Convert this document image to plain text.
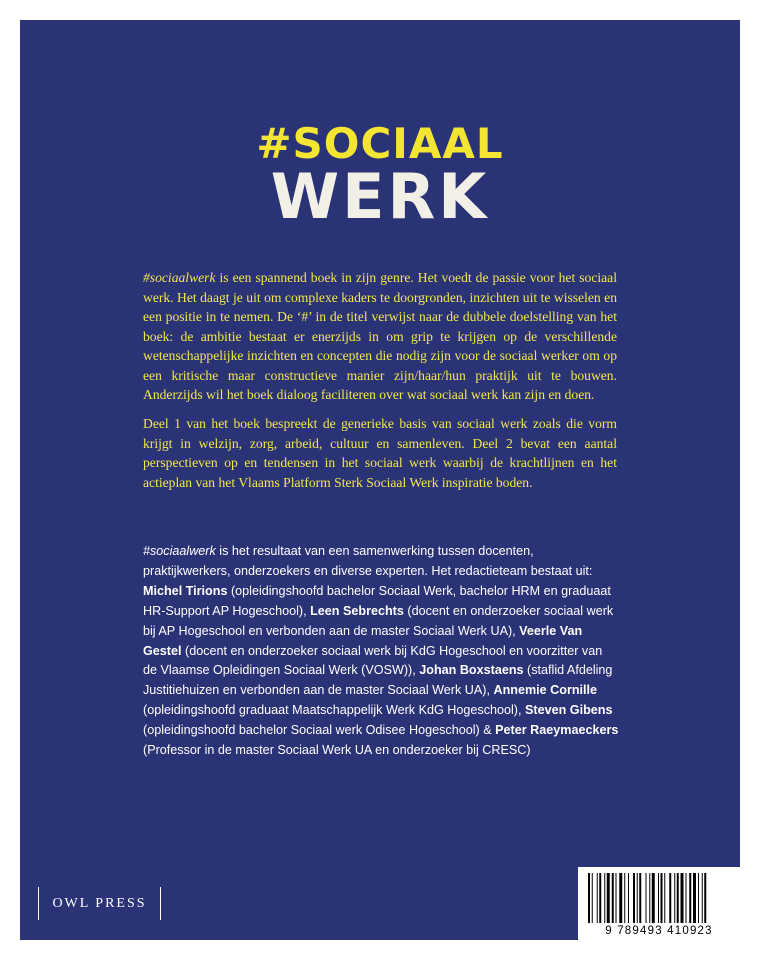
#SOCIAAL
WERK

#sociaalwerk is een spannend boek in zijn genre. Het voedt de passie voor het sociaal werk. Het daagt je uit om complexe kaders te doorgronden, inzichten uit te wisselen en een positie in te nemen. De ‘#’ in de titel verwijst naar de dubbele doelstelling van het boek: de ambitie bestaat er enerzijds in om grip te krijgen op de verschillende wetenschappelijke inzichten en concepten die nodig zijn voor de sociaal werker om op een kritische maar constructieve manier zijn/haar/hun praktijk uit te bouwen. Anderzijds wil het boek dialoog faciliteren over wat sociaal werk kan zijn en doen.

Deel 1 van het boek bespreekt de generieke basis van sociaal werk zoals die vorm krijgt in welzijn, zorg, arbeid, cultuur en samenleven. Deel 2 bevat een aantal perspectieven op en tendensen in het sociaal werk waarbij de krachtlijnen en het actieplan van het Vlaams Platform Sterk Sociaal Werk inspiratie boden.

#sociaalwerk is het resultaat van een samenwerking tussen docenten, praktijkwerkers, onderzoekers en diverse experten. Het redactieteam bestaat uit: Michel Tirions (opleidingshoofd bachelor Sociaal Werk, bachelor HRM en graduaat HR-Support AP Hogeschool), Leen Sebrechts (docent en onderzoeker sociaal werk bij AP Hogeschool en verbonden aan de master Sociaal Werk UA), Veerle Van Gestel (docent en onderzoeker sociaal werk bij KdG Hogeschool en voorzitter van de Vlaamse Opleidingen Sociaal Werk (VOSW)), Johan Boxstaens (staflid Afdeling Justitiehuizen en verbonden aan de master Sociaal Werk UA), Annemie Cornille (opleidingshoofd graduaat Maatschappelijk Werk KdG Hogeschool), Steven Gibens (opleidingshoofd bachelor Sociaal werk Odisee Hogeschool) & Peter Raeymaeckers (Professor in de master Sociaal Werk UA en onderzoeker bij CRESC)

OWL PRESS
9 789493 410923
